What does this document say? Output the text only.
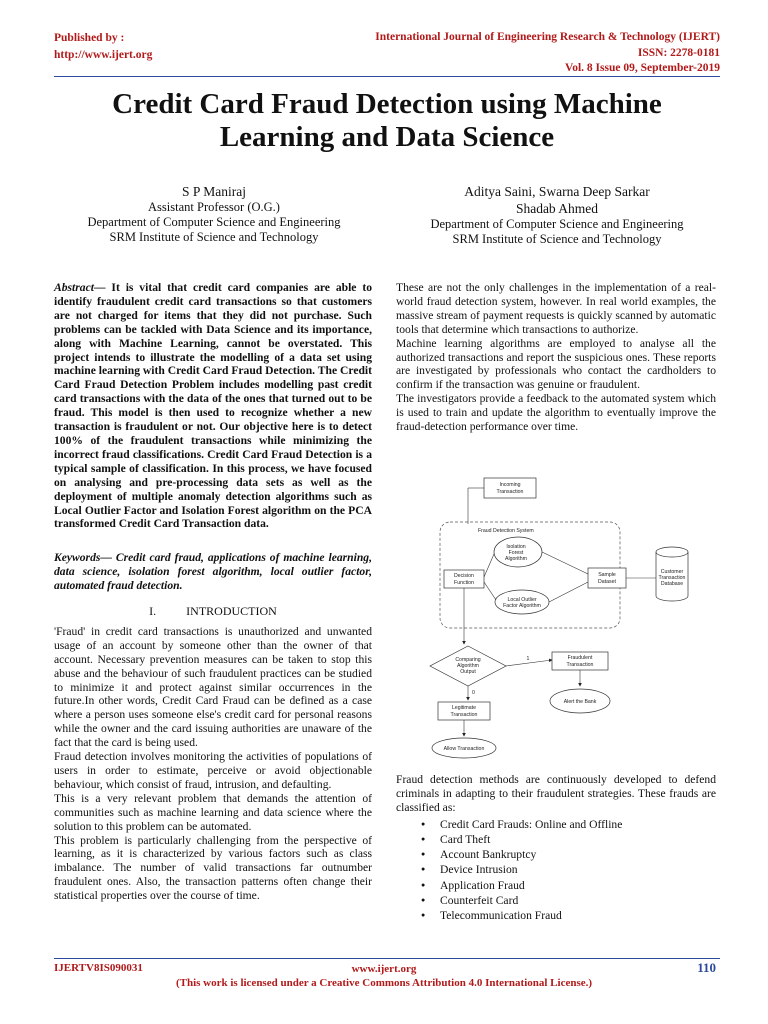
Published by :
http://www.ijert.org
International Journal of Engineering Research & Technology (IJERT)
ISSN: 2278-0181
Vol. 8 Issue 09, September-2019
Credit Card Fraud Detection using Machine
Learning and Data Science
S P Maniraj
Assistant Professor (O.G.)
Department of Computer Science and Engineering
SRM Institute of Science and Technology
Aditya Saini, Swarna Deep Sarkar
Shadab Ahmed
Department of Computer Science and Engineering
SRM Institute of Science and Technology

Abstract— It is vital that credit card companies are able to identify fraudulent credit card transactions so that customers are not charged for items that they did not purchase. Such problems can be tackled with Data Science and its importance, along with Machine Learning, cannot be overstated. This project intends to illustrate the modelling of a data set using machine learning with Credit Card Fraud Detection. The Credit Card Fraud Detection Problem includes modelling past credit card transactions with the data of the ones that turned out to be fraud. This model is then used to recognize whether a new transaction is fraudulent or not. Our objective here is to detect 100% of the fraudulent transactions while minimizing the incorrect fraud classifications. Credit Card Fraud Detection is a typical sample of classification. In this process, we have focused on analysing and pre-processing data sets as well as the deployment of multiple anomaly detection algorithms such as Local Outlier Factor and Isolation Forest algorithm on the PCA transformed Credit Card Transaction data.

Keywords— Credit card fraud, applications of machine learning, data science, isolation forest algorithm, local outlier factor, automated fraud detection.

I.	INTRODUCTION

'Fraud' in credit card transactions is unauthorized and unwanted usage of an account by someone other than the owner of that account. Necessary prevention measures can be taken to stop this abuse and the behaviour of such fraudulent practices can be studied to minimize it and protect against similar occurrences in the future.In other words, Credit Card Fraud can be defined as a case where a person uses someone else's credit card for personal reasons while the owner and the card issuing authorities are unaware of the fact that the card is being used.

Fraud detection involves monitoring the activities of populations of users in order to estimate, perceive or avoid objectionable behaviour, which consist of fraud, intrusion, and defaulting.

This is a very relevant problem that demands the attention of communities such as machine learning and data science where the solution to this problem can be automated.

This problem is particularly challenging from the perspective of learning, as it is characterized by various factors such as class imbalance. The number of valid transactions far outnumber fraudulent ones. Also, the transaction patterns often change their statistical properties over the course of time.

These are not the only challenges in the implementation of a real-world fraud detection system, however. In real world examples, the massive stream of payment requests is quickly scanned by automatic tools that determine which transactions to authorize.

Machine learning algorithms are employed to analyse all the authorized transactions and report the suspicious ones. These reports are investigated by professionals who contact the cardholders to confirm if the transaction was genuine or fraudulent.

The investigators provide a feedback to the automated system which is used to train and update the algorithm to eventually improve the fraud-detection performance over time.

Incoming
Transaction
Fraud Detection System
Isolation
Forest
Algorithm
Decision
Function
Local Outlier
Factor Algorithm
Sample
Dataset
Customer
Transaction
Database
Comparing
Algorithm
Output
1	Fraudulent
Transaction
Alert the Bank
0
Legitimate
Transaction
Allow Transaction

Fraud detection methods are continuously developed to defend criminals in adapting to their fraudulent strategies. These frauds are classified as:

● Credit Card Frauds: Online and Offline
● Card Theft
● Account Bankruptcy
● Device Intrusion
● Application Fraud
● Counterfeit Card
● Telecommunication Fraud
IJERTV8IS090031	www.ijert.org
(This work is licensed under a Creative Commons Attribution 4.0 International License.)
110
